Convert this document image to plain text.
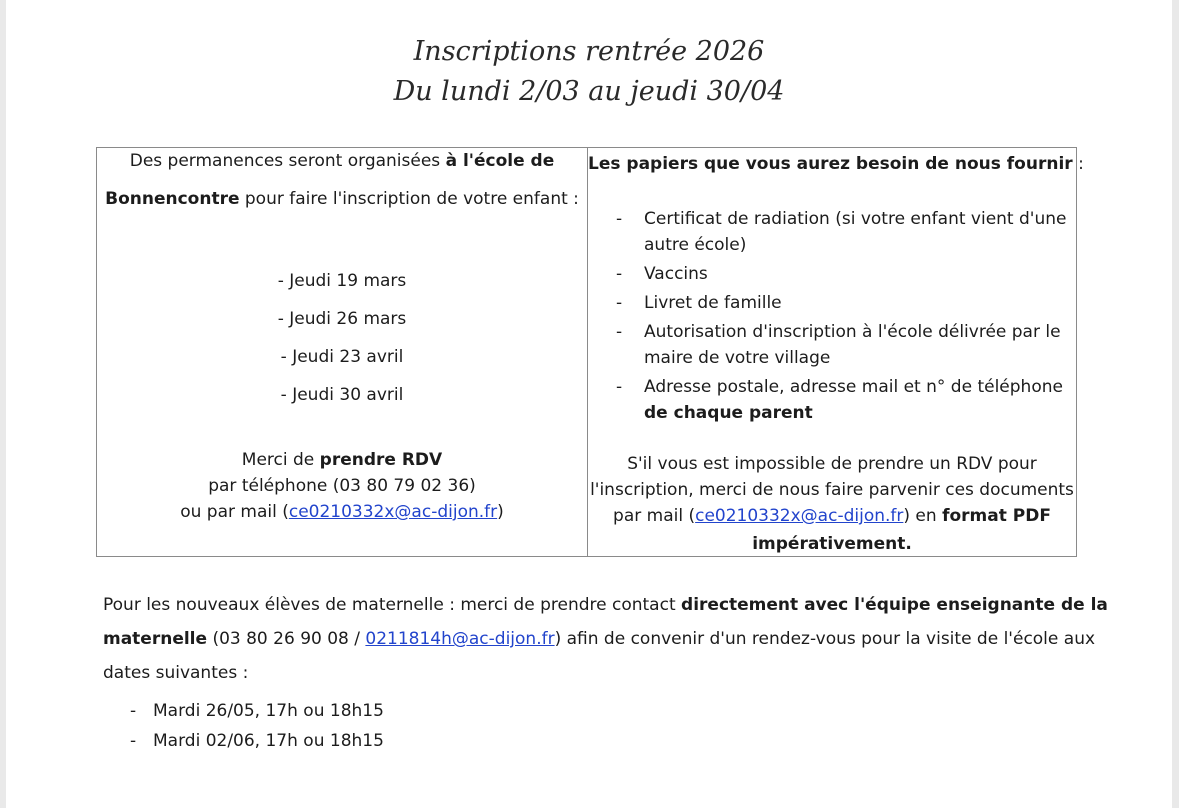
Inscriptions rentrée 2026
Du lundi 2/03 au jeudi 30/04
Des permanences seront organisées à l'école de
Bonnencontre pour faire l'inscription de votre enfant :
- Jeudi 19 mars
- Jeudi 26 mars
- Jeudi 23 avril
- Jeudi 30 avril
Merci de prendre RDV
par téléphone (03 80 79 02 36)
ou par mail (ce0210332x@ac-dijon.fr)
Les papiers que vous aurez besoin de nous fournir :
- Certificat de radiation (si votre enfant vient d'une
autre école)
- Vaccins
- Livret de famille
- Autorisation d'inscription à l'école délivrée par le
maire de votre village
- Adresse postale, adresse mail et n° de téléphone
de chaque parent
S'il vous est impossible de prendre un RDV pour
l'inscription, merci de nous faire parvenir ces documents
par mail (ce0210332x@ac-dijon.fr) en format PDF
impérativement.
Pour les nouveaux élèves de maternelle : merci de prendre contact directement avec l'équipe enseignante de la
maternelle (03 80 26 90 08 / 0211814h@ac-dijon.fr) afin de convenir d'un rendez-vous pour la visite de l'école aux
dates suivantes :
- Mardi 26/05, 17h ou 18h15
- Mardi 02/06, 17h ou 18h15
